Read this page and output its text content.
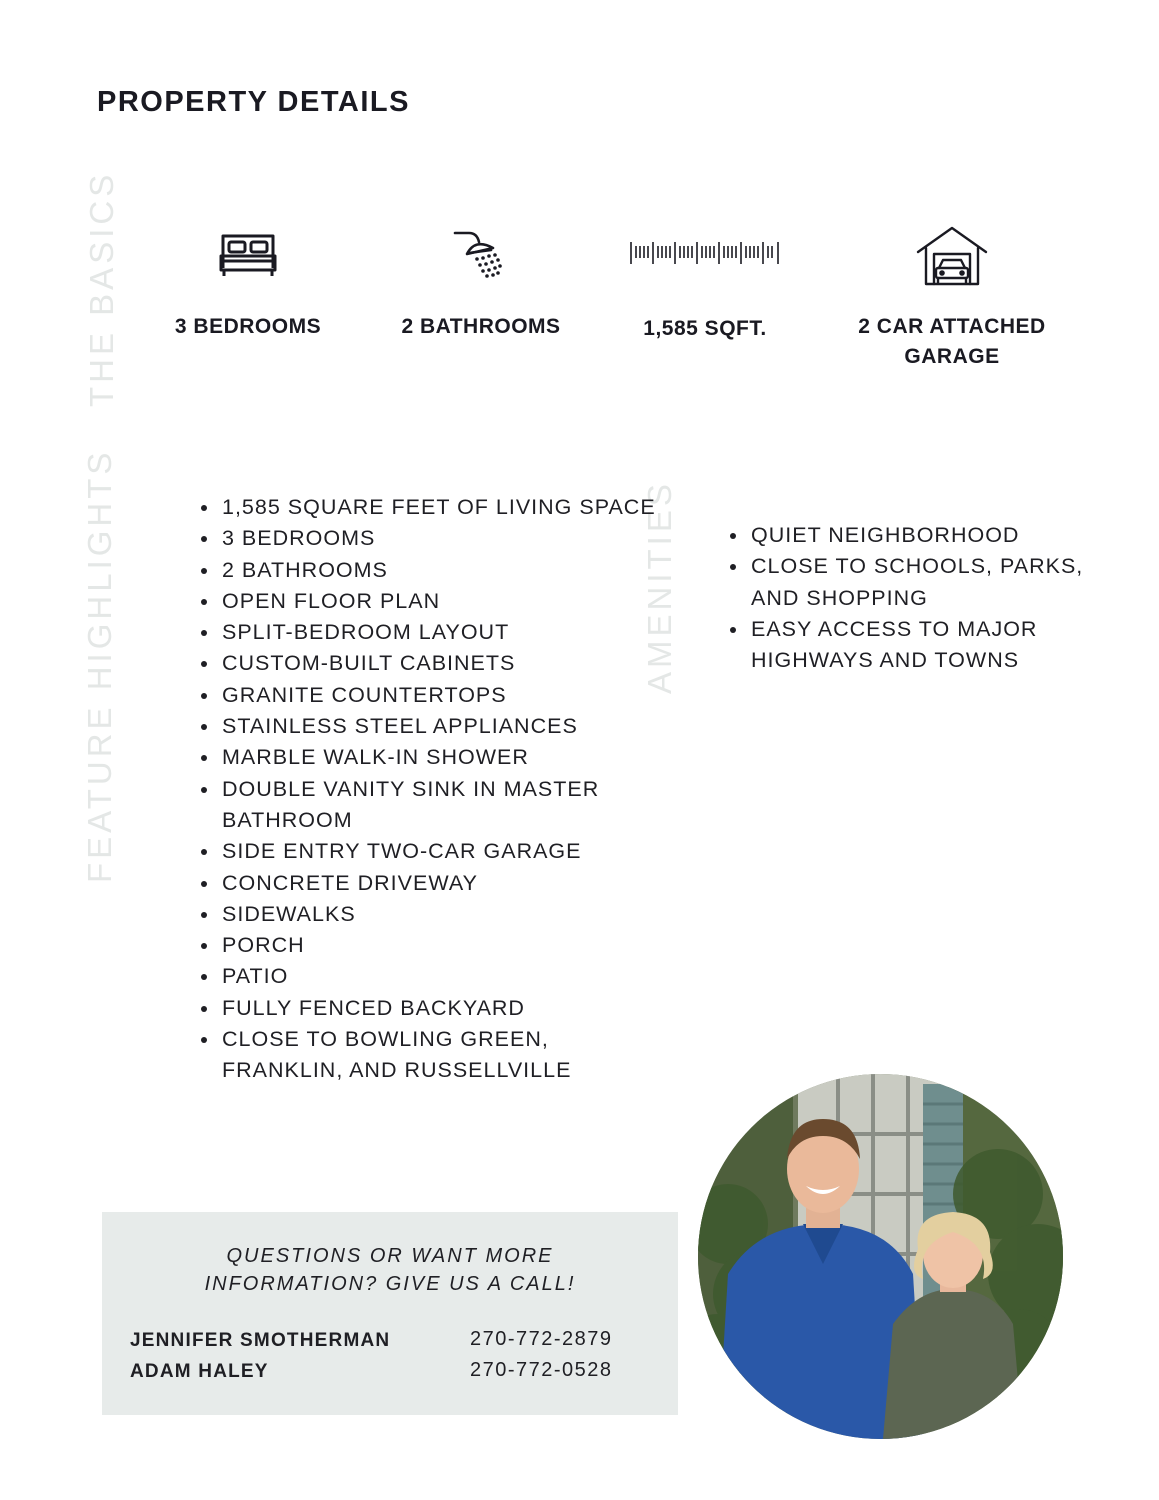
PROPERTY DETAILS
THE BASICS
FEATURE HIGHLIGHTS	AMENITIES
3 BEDROOMS	2 BATHROOMS	1,585 SQFT.	2 CAR ATTACHED
GARAGE
• 1,585 SQUARE FEET OF LIVING SPACE
• 3 BEDROOMS
• 2 BATHROOMS
• OPEN FLOOR PLAN
• SPLIT-BEDROOM LAYOUT
• CUSTOM-BUILT CABINETS
• GRANITE COUNTERTOPS
• STAINLESS STEEL APPLIANCES
• MARBLE WALK-IN SHOWER
• DOUBLE VANITY SINK IN MASTER BATHROOM
• SIDE ENTRY TWO-CAR GARAGE
• CONCRETE DRIVEWAY
• SIDEWALKS
• PORCH
• PATIO
• FULLY FENCED BACKYARD
• CLOSE TO BOWLING GREEN, FRANKLIN, AND RUSSELLVILLE
• QUIET NEIGHBORHOOD
• CLOSE TO SCHOOLS, PARKS, AND SHOPPING
• EASY ACCESS TO MAJOR HIGHWAYS AND TOWNS
QUESTIONS OR WANT MORE
INFORMATION? GIVE US A CALL!
JENNIFER SMOTHERMAN	270-772-2879
ADAM HALEY	270-772-0528
